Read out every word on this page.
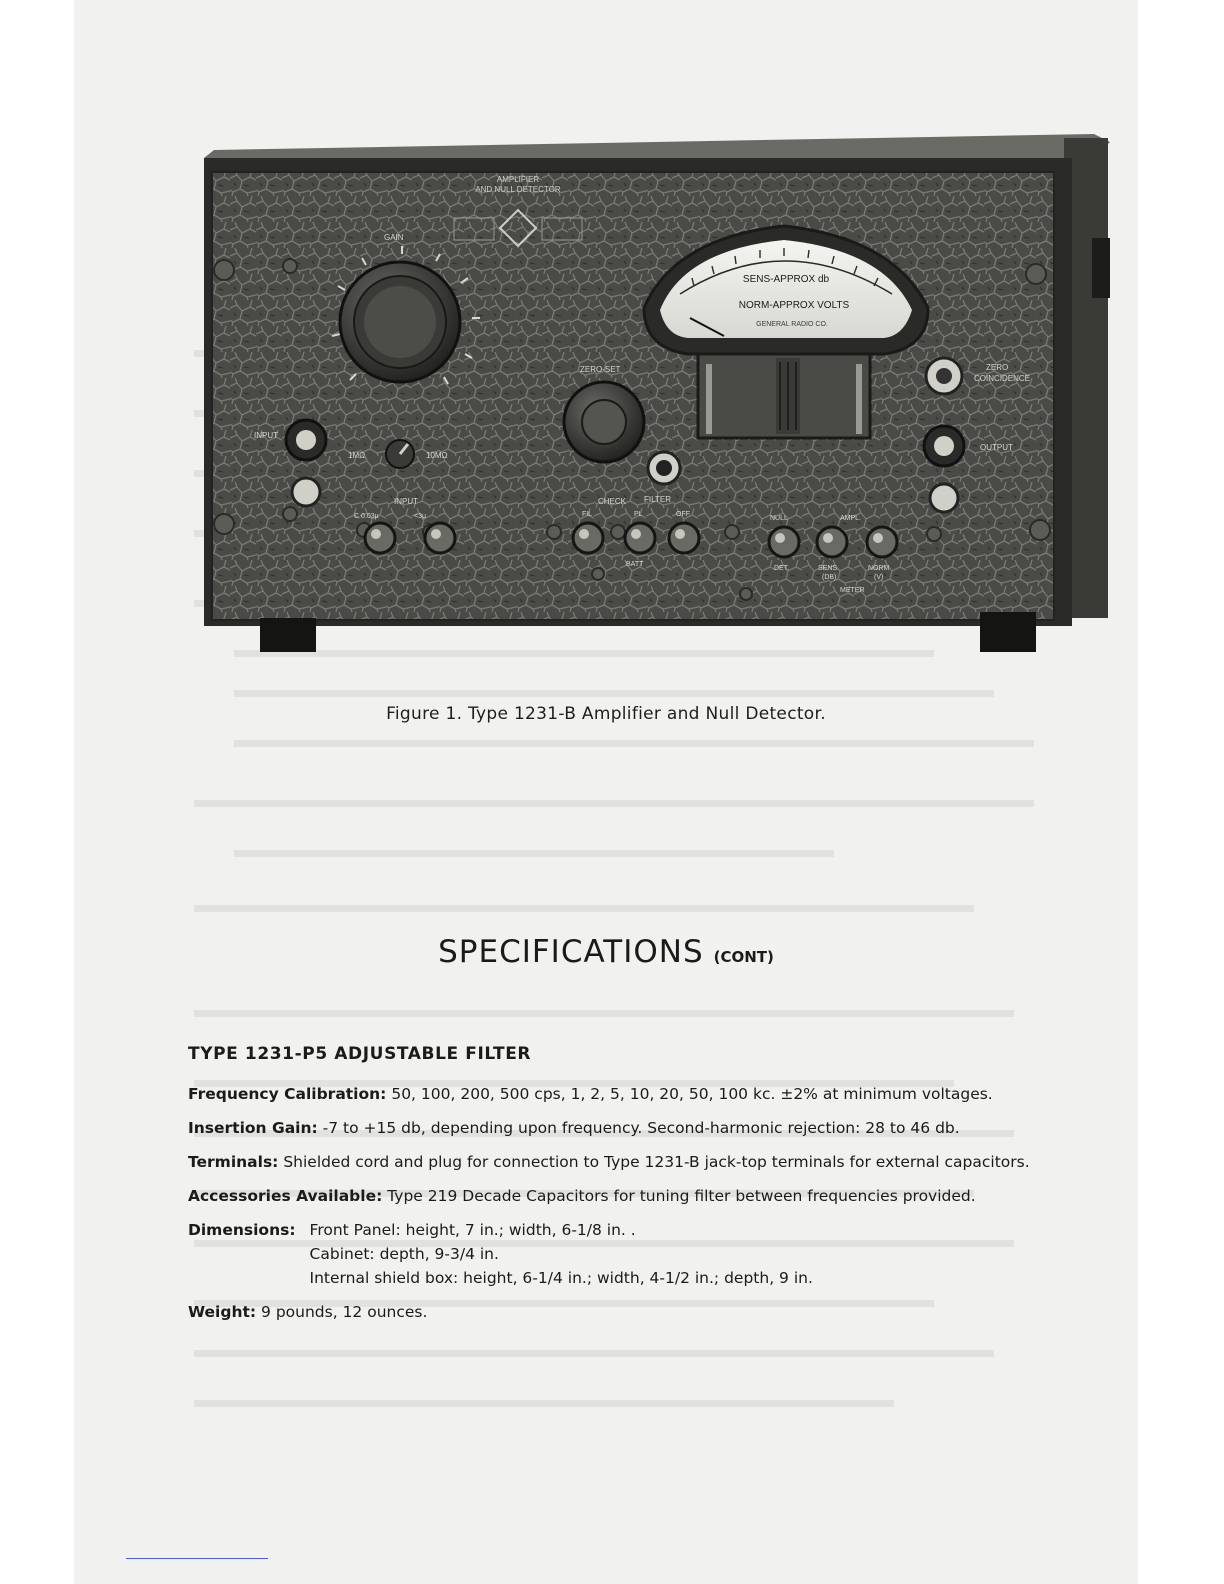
AMPLIFIER
AND NULL DETECTOR
GAIN
ZERO-SET
SENS-APPROX db
NORM-APPROX VOLTS
GENERAL RADIO CO.
ZERO
COINCIDENCE
OUTPUT
INPUT
1MΩ	10MΩ
FILTER
INPUT
C 0.03μ	<3μ
CHECK
FIL	PL	OFF
NULL	AMPL.
BATT
DET.	SENS.
(DB)
NORM
(V)
METER
Figure 1. Type 1231-B Amplifier and Null Detector.
SPECIFICATIONS (CONT)
TYPE 1231-P5 ADJUSTABLE FILTER

Frequency Calibration: 50, 100, 200, 500 cps, 1, 2, 5, 10, 20, 50, 100 kc. ±2% at minimum voltages.

Insertion Gain: -7 to +15 db, depending upon frequency. Second-harmonic rejection: 28 to 46 db.

Terminals: Shielded cord and plug for connection to Type 1231-B jack-top terminals for external capacitors.

Accessories Available: Type 219 Decade Capacitors for tuning filter between frequencies provided.

Dimensions: Front Panel: height, 7 in.; width, 6-1/8 in. .
Cabinet: depth, 9-3/4 in.
Internal shield box: height, 6-1/4 in.; width, 4-1/2 in.; depth, 9 in.

Weight: 9 pounds, 12 ounces.
